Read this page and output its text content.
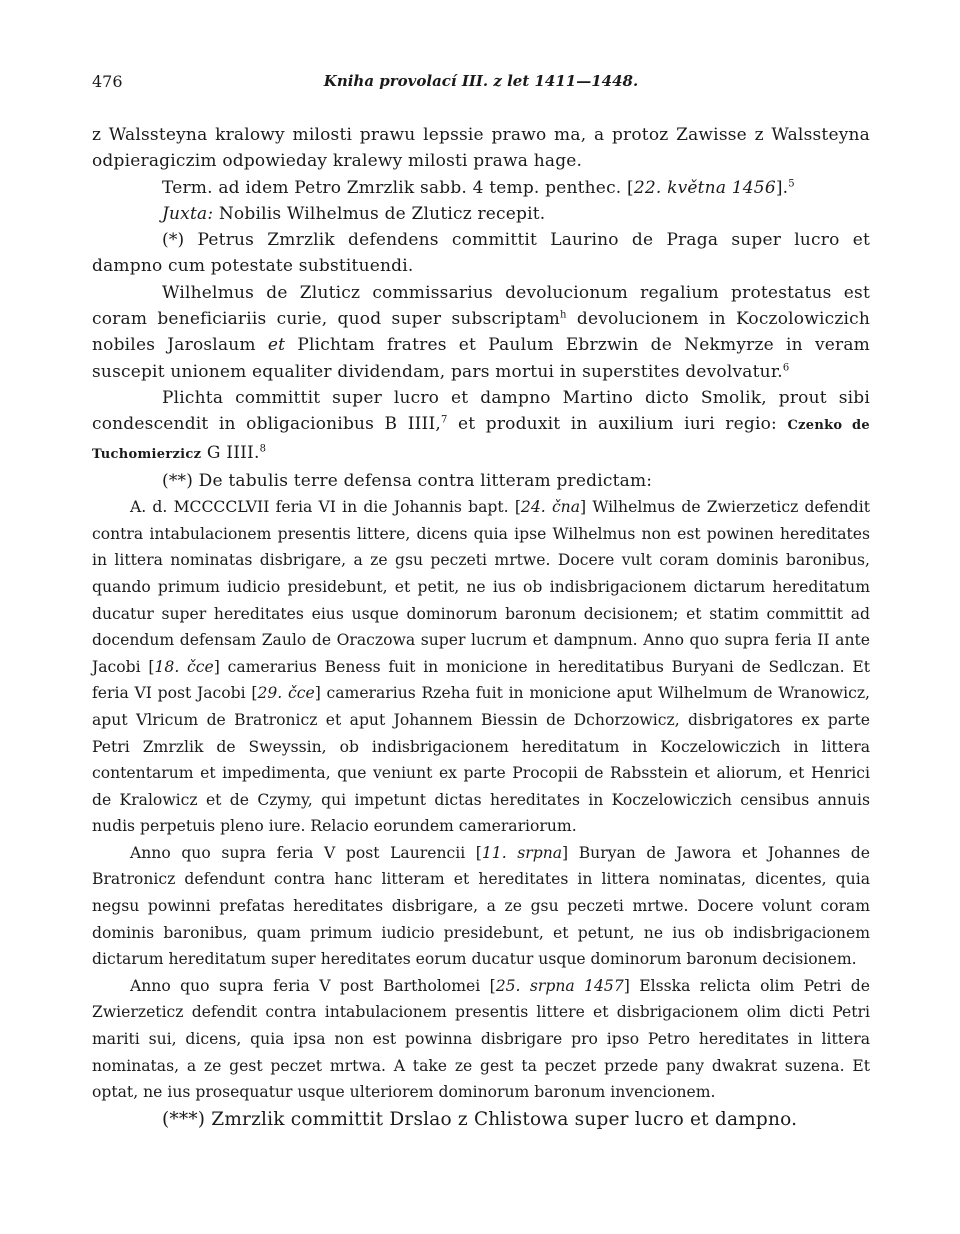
476	Kniha provolací III. z let 1411—1448.

z Walssteyna kralowy milosti prawu lepssie prawo ma, a protoz Zawisse z Walssteyna odpieragiczim odpowieday kralewy milosti prawa hage.

Term. ad idem Petro Zmrzlik sabb. 4 temp. penthec. [22. května 1456].$^5$

Juxta: Nobilis Wilhelmus de Zluticz recepit.

(*) Petrus Zmrzlik defendens committit Laurino de Praga super lucro et dampno cum potestate substituendi.

Wilhelmus de Zluticz commissarius devolucionum regalium protestatus est coram beneficiariis curie, quod super subscriptam$^h$ devolucionem in Koczolowiczich nobiles Jaroslaum et Plichtam fratres et Paulum Ebrzwin de Nekmyrze in veram suscepit unionem equaliter dividendam, pars mortui in superstites devolvatur.$^6$

Plichta committit super lucro et dampno Martino dicto Smolik, prout sibi condescendit in obligacionibus B IIII,$^7$ et produxit in auxilium iuri regio: Czenko de Tuchomierzicz G IIII.$^8$

(**) De tabulis terre defensa contra litteram predictam:

A. d. MCCCCLVII feria VI in die Johannis bapt. [24. čna] Wilhelmus de Zwierzeticz defendit contra intabulacionem presentis littere, dicens quia ipse Wilhelmus non est powinen hereditates in littera nominatas disbrigare, a ze gsu peczeti mrtwe. Docere vult coram dominis baronibus, quando primum iudicio presidebunt, et petit, ne ius ob indisbrigacionem dictarum hereditatum ducatur super hereditates eius usque dominorum baronum decisionem; et statim committit ad docendum defensam Zaulo de Oraczowa super lucrum et dampnum. Anno quo supra feria II ante Jacobi [18. čce] camerarius Beness fuit in monicione in hereditatibus Buryani de Sedlczan. Et feria VI post Jacobi [29. čce] camerarius Rzeha fuit in monicione aput Wilhelmum de Wranowicz, aput Vlricum de Bratronicz et aput Johannem Biessin de Dchorzowicz, disbrigatores ex parte Petri Zmrzlik de Sweyssin, ob indisbrigacionem hereditatum in Koczelowiczich in littera contentarum et impedimenta, que veniunt ex parte Procopii de Rabsstein et aliorum, et Henrici de Kralowicz et de Czymy, qui impetunt dictas hereditates in Koczelowiczich censibus annuis nudis perpetuis pleno iure. Relacio eorundem camerariorum.

Anno quo supra feria V post Laurencii [11. srpna] Buryan de Jawora et Johannes de Bratronicz defendunt contra hanc litteram et hereditates in littera nominatas, dicentes, quia negsu powinni prefatas hereditates disbrigare, a ze gsu peczeti mrtwe. Docere volunt coram dominis baronibus, quam primum iudicio presidebunt, et petunt, ne ius ob indisbrigacionem dictarum hereditatum super hereditates eorum ducatur usque dominorum baronum decisionem.

Anno quo supra feria V post Bartholomei [25. srpna 1457] Elsska relicta olim Petri de Zwierzeticz defendit contra intabulacionem presentis littere et disbrigacionem olim dicti Petri mariti sui, dicens, quia ipsa non est powinna disbrigare pro ipso Petro hereditates in littera nominatas, a ze gest peczet mrtwa. A take ze gest ta peczet przede pany dwakrat suzena. Et optat, ne ius prosequatur usque ulteriorem dominorum baronum invencionem.

(***) Zmrzlik committit Drslao z Chlistowa super lucro et dampno.
